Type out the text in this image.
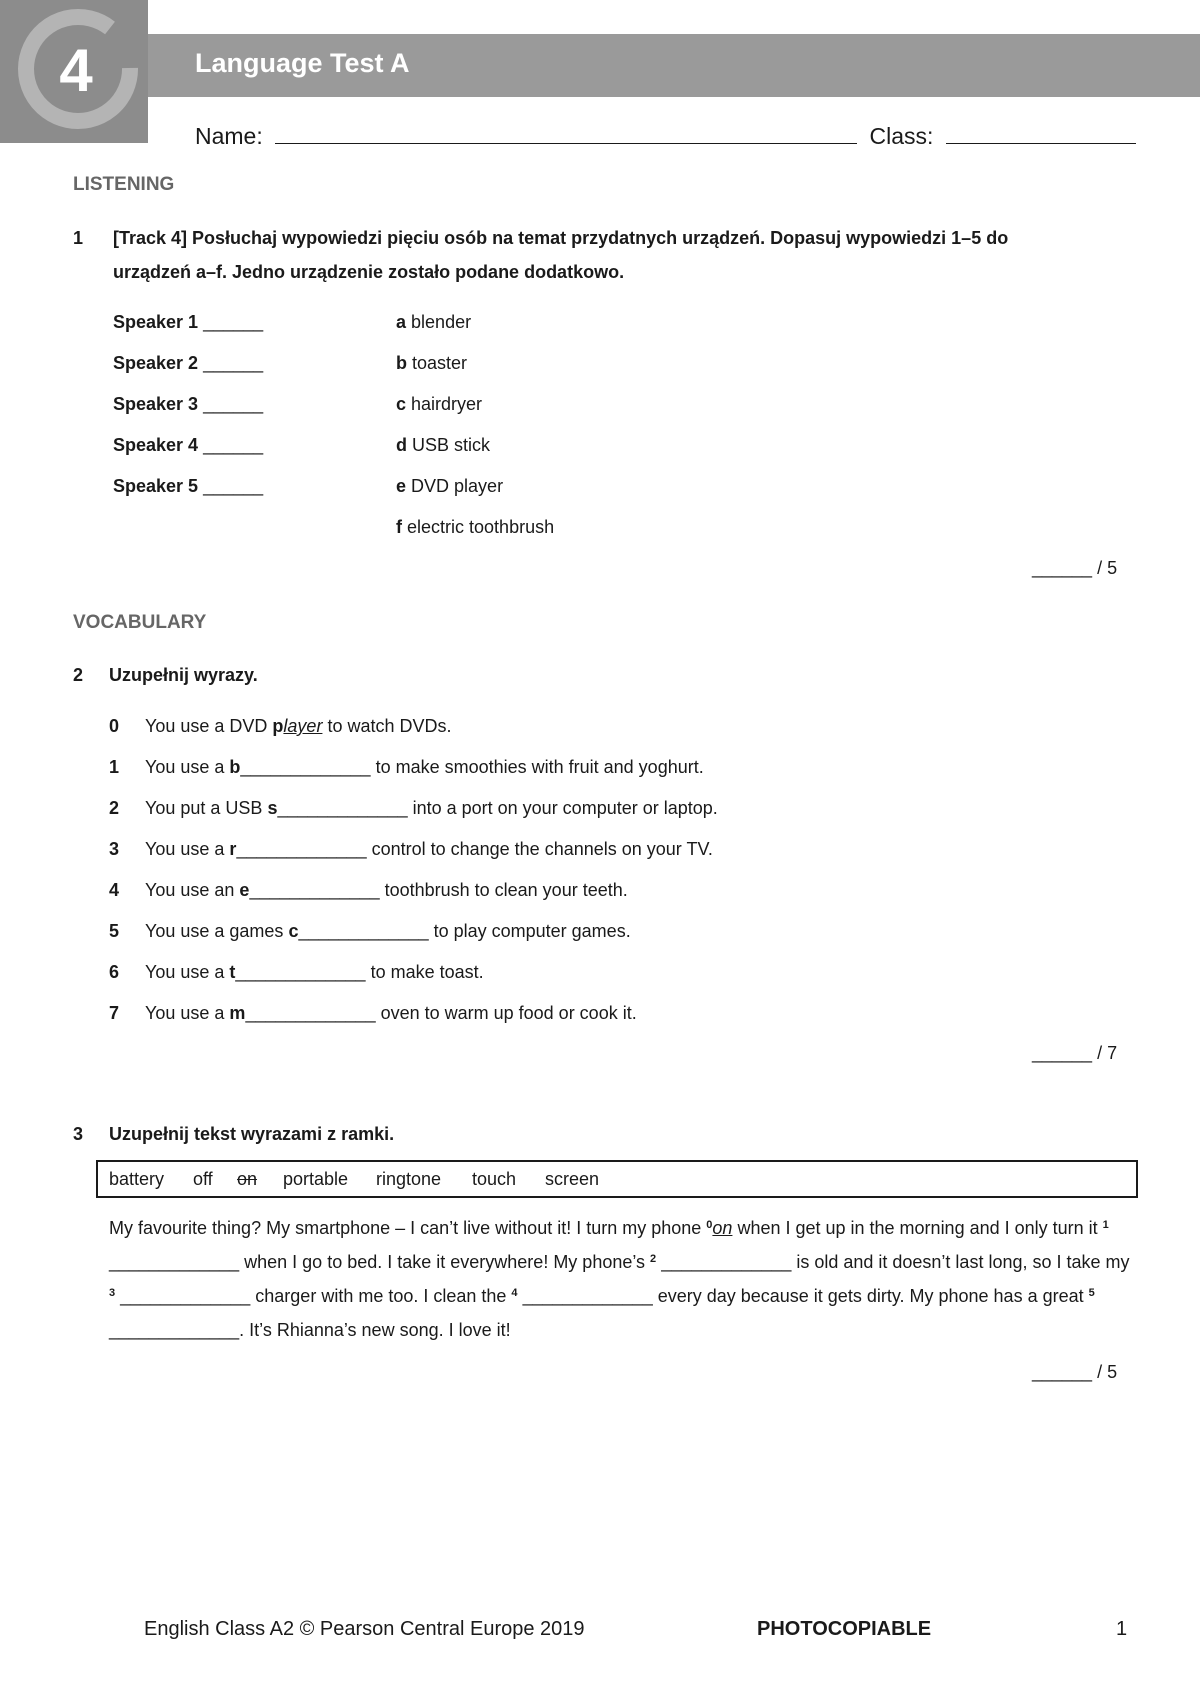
4	Language Test A
Name:	Class:
LISTENING
1 [Track 4] Posłuchaj wypowiedzi pięciu osób na temat przydatnych urządzeń. Dopasuj wypowiedzi 1–5 do
urządzeń a–f. Jedno urządzenie zostało podane dodatkowo.
Speaker 1 ______
Speaker 2 ______
Speaker 3 ______
Speaker 4 ______
Speaker 5 ______
a blender
b toaster
c hairdryer
d USB stick
e DVD player
f electric toothbrush
______ / 5
VOCABULARY
2 Uzupełnij wyrazy.
0 You use a DVD player to watch DVDs.
1 You use a b_____________ to make smoothies with fruit and yoghurt.
2 You put a USB s_____________ into a port on your computer or laptop.
3 You use a r_____________ control to change the channels on your TV.
4 You use an e_____________ toothbrush to clean your teeth.
5 You use a games c_____________ to play computer games.
6 You use a t_____________ to make toast.
7 You use a m_____________ oven to warm up food or cook it.
______ / 7
3 Uzupełnij tekst wyrazami z ramki.
battery off on portable ringtone touch screen
My favourite thing? My smartphone – I can’t live without it! I turn my phone $^0$on when I get up in the morning and I only turn it $^1$ _____________ when I go to bed. I take it everywhere! My phone’s $^2$ _____________ is old and it doesn’t last long, so I take my $^3$ _____________ charger with me too. I clean the $^4$ _____________ every day because it gets dirty. My phone has a great $^5$ _____________. It’s Rhianna’s new song. I love it!
______ / 5
English Class A2 © Pearson Central Europe 2019	PHOTOCOPIABLE	1
